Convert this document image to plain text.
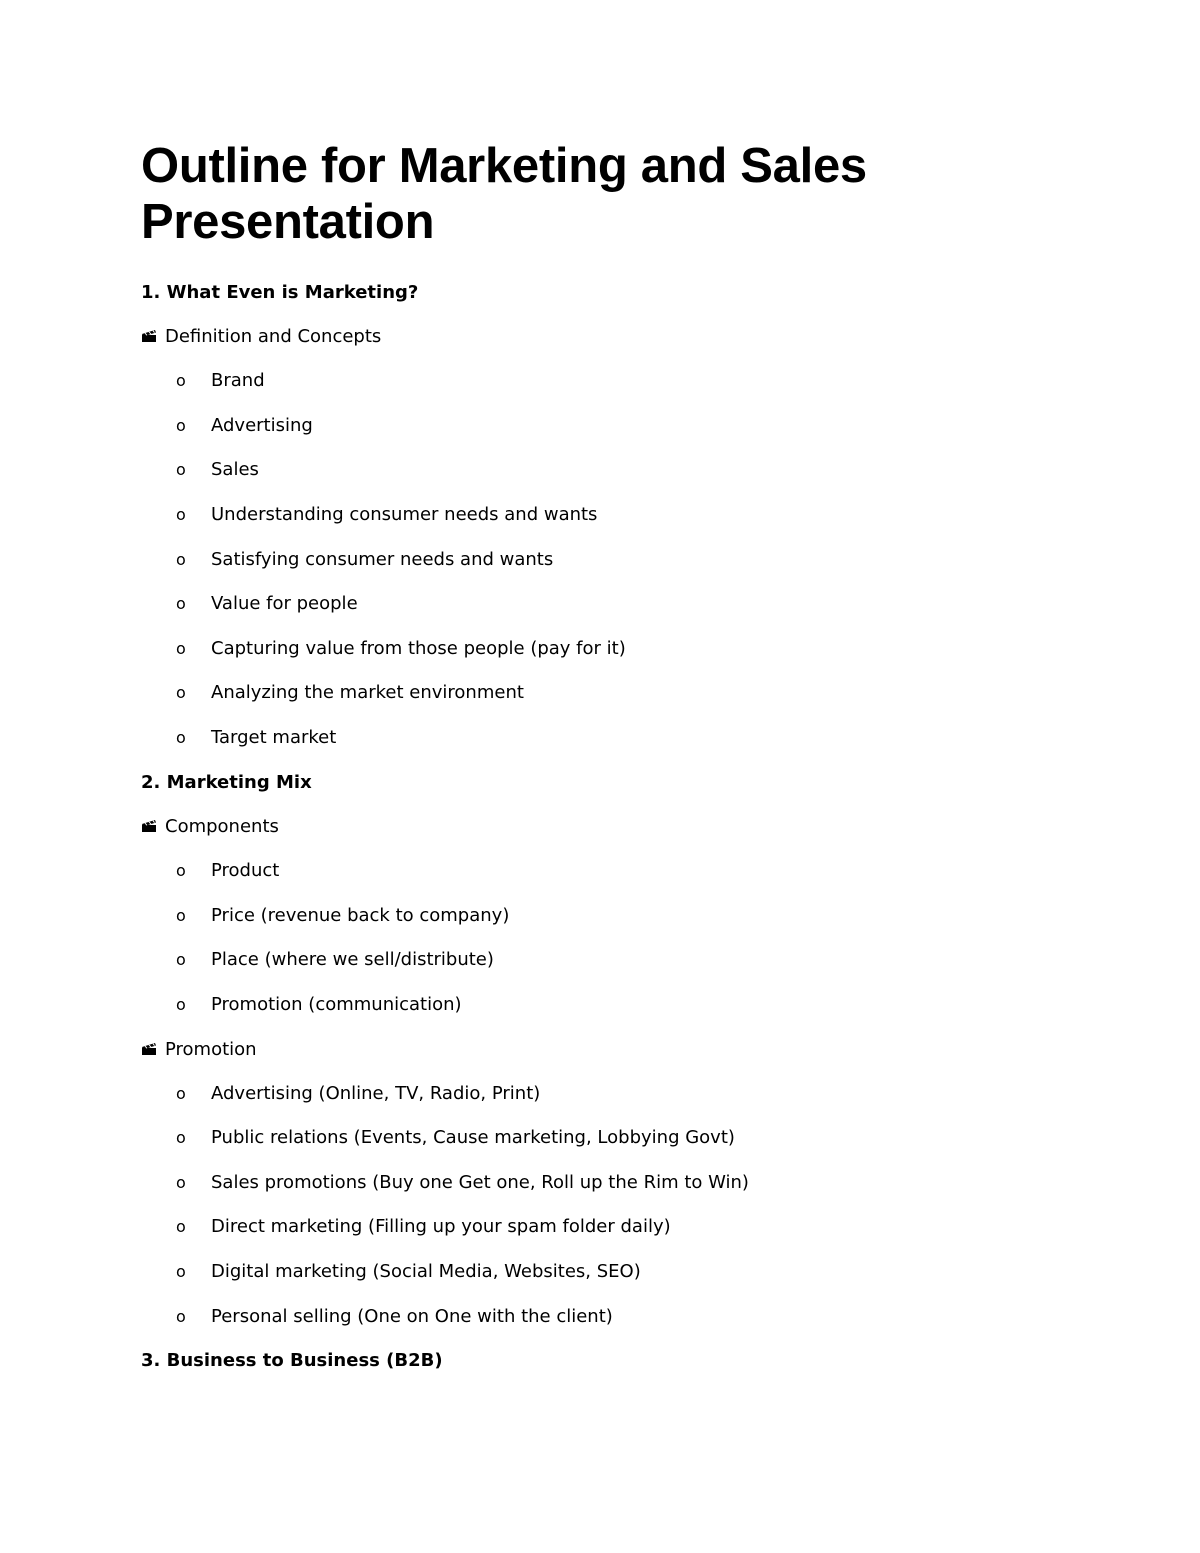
Outline for Marketing and Sales Presentation
1. What Even is Marketing?
Definition and Concepts
o Brand
o Advertising
o Sales
o Understanding consumer needs and wants
o Satisfying consumer needs and wants
o Value for people
o Capturing value from those people (pay for it)
o Analyzing the market environment
o Target market
2. Marketing Mix
Components
o Product
o Price (revenue back to company)
o Place (where we sell/distribute)
o Promotion (communication)
Promotion
o Advertising (Online, TV, Radio, Print)
o Public relations (Events, Cause marketing, Lobbying Govt)
o Sales promotions (Buy one Get one, Roll up the Rim to Win)
o Direct marketing (Filling up your spam folder daily)
o Digital marketing (Social Media, Websites, SEO)
o Personal selling (One on One with the client)
3. Business to Business (B2B)
